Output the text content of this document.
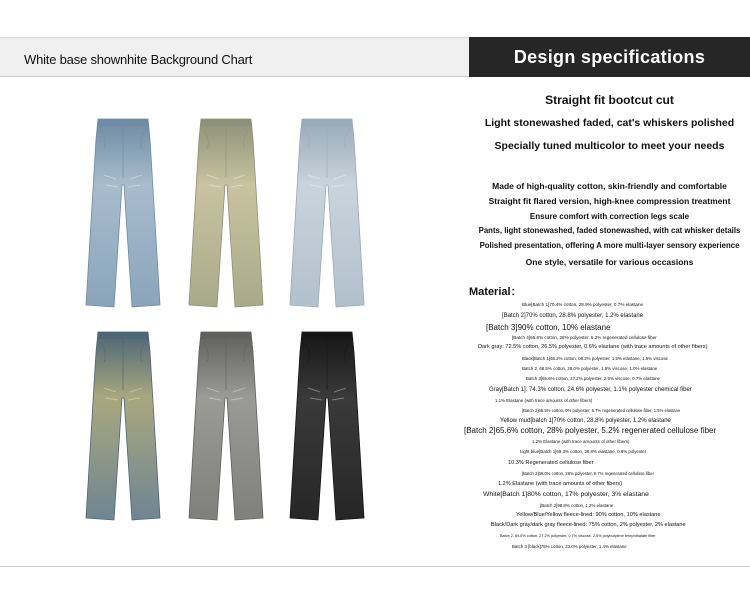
White base shownhite Background Chart	Design specifications
Straight fit bootcut cut
Light stonewashed faded, cat's whiskers polished
Specially tuned multicolor to meet your needs
Made of high-quality cotton, skin-friendly and comfortable
Straight fit flared version, high-knee compression treatment
Ensure comfort with correction legs scale
Pants, light stonewashed, faded stonewashed, with cat whisker details
Polished presentation, offering A more multi-layer sensory experience
One style, versatile for various occasions
Material：
Blue[Batch 1]70.4% cotton, 28.9% polyester, 0.7% elastane
[Batch 2]70% cotton, 28.8% polyester, 1.2% elastane
[Batch 3]90% cotton, 10% elastane
[Batch 4]65.6% cotton, 28% polyester, 5.2% regenerated cellulose fiber
Dark gray: 72.5% cotton, 26.5% polyester, 0.6% elastane (with trace amounts of other fibers)
Black[Batch 1]65.2% cotton, 08.2% polyester, 1.5% elastane, 1.5% viscose
Batch 2. 68.5% cotton, 28.0% polyester, 1.8% viscose, 1.0% elastane
Batch 3]65.6% cotton, 27.2% polyester, 2.5% viscose, 0.7% elastane
Gray[Batch 1]: 74.3% cotton, 24.6% polyester, 1.1% polyester chemical fiber
1.1% Elastane (with trace amounts of other fibers)
[Batch 2]65.5% cotton, 0% polyester, 5.7% regenerated cellulose fiber, 1.5% elastane
Yellow mud[batch 1]70% cotton, 28.8% polyester, 1.2% elastane
[Batch 2]65.6% cotton, 28% polyester, 5.2% regenerated cellulose fiber
1.2% Elastane (with trace amounts of other fibers)
Light blue[Batch 1]69.3% cotton, 28.8% elastane, 0.8% polyester
10.3% Regenerated cellulose fiber
[Batch 2]69.0% cotton, 28% polyester, 0.7% regenerated cellulose fiber
1.2% Elastane (with trace amounts of other fibers)
White[Batch 1]80% cotton, 17% polyester, 3% elastane
[Batch 2]98.8% cotton, 1.2% elastane
Yellow/Blue/Yellow fleece-lined: 90% cotton, 10% elastane
Black/Dark gray/dark gray fleece-lined: 75% cotton, 2% polyester, 2% elastane
Batch 2. 69.6% cotton, 27.2% polyester, 0.7% viscose, 2.5% polybutylene terephthalate fiber
Batch 3 [black]75% cotton, 23.0% polyester, 1.4% elastane
